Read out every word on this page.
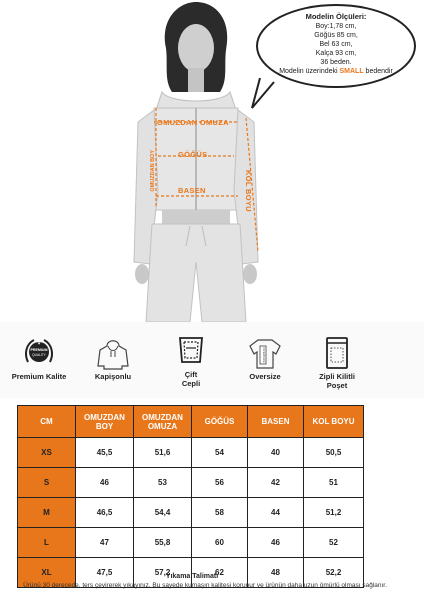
OMUZDAN OMUZA
GÖĞÜS
BASEN
OMUZDAN BOY	KOL BOYU
Modelin Ölçüleri:
Boy:1,78 cm,
Göğüs 85 cm,
Bel 63 cm,
Kalça 93 cm,
36 beden.
Modelin üzerindeki SMALL bedendir
PREMIUM
QUALITY
★
Premium Kalite	Kapişonlu	Çift Cepli
OVERSIZE
Oversize	Zipli Kilitli Poşet
CM	OMUZDAN BOY	OMUZDAN OMUZA	GÖĞÜS	BASEN	KOL BOYU
XS	45,5	51,6	54	40	50,5
S	46	53	56	42	51
M	46,5	54,4	58	44	51,2
L	47	55,8	60	46	52
XL	47,5	57,2	62	48	52,2
Yıkama Talimatı
Ürünü 30 derecede, ters çevirerek yıkayınız. Bu sayede kumaşın kalitesi korunur ve ürünün daha uzun ömürlü olması sağlanır.
